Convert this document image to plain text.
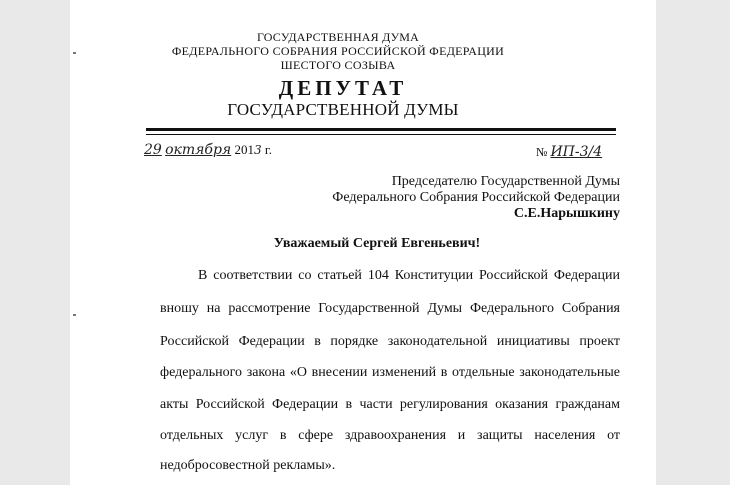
ГОСУДАРСТВЕННАЯ ДУМА
ФЕДЕРАЛЬНОГО СОБРАНИЯ РОССИЙСКОЙ ФЕДЕРАЦИИ
ШЕСТОГО СОЗЫВА
ДЕПУТАТ
ГОСУДАРСТВЕННОЙ ДУМЫ
29 октября 2013 г.	№ ИП-3/4
Председателю Государственной Думы
Федерального Собрания Российской Федерации
С.Е.Нарышкину
Уважаемый Сергей Евгеньевич!
В соответствии со статьей 104 Конституции Российской Федерации
вношу на рассмотрение Государственной Думы Федерального Собрания
Российской Федерации в порядке законодательной инициативы проект
федерального закона «О внесении изменений в отдельные законодательные
акты Российской Федерации в части регулирования оказания гражданам
отдельных услуг в сфере здравоохранения и защиты населения от
недобросовестной рекламы».
